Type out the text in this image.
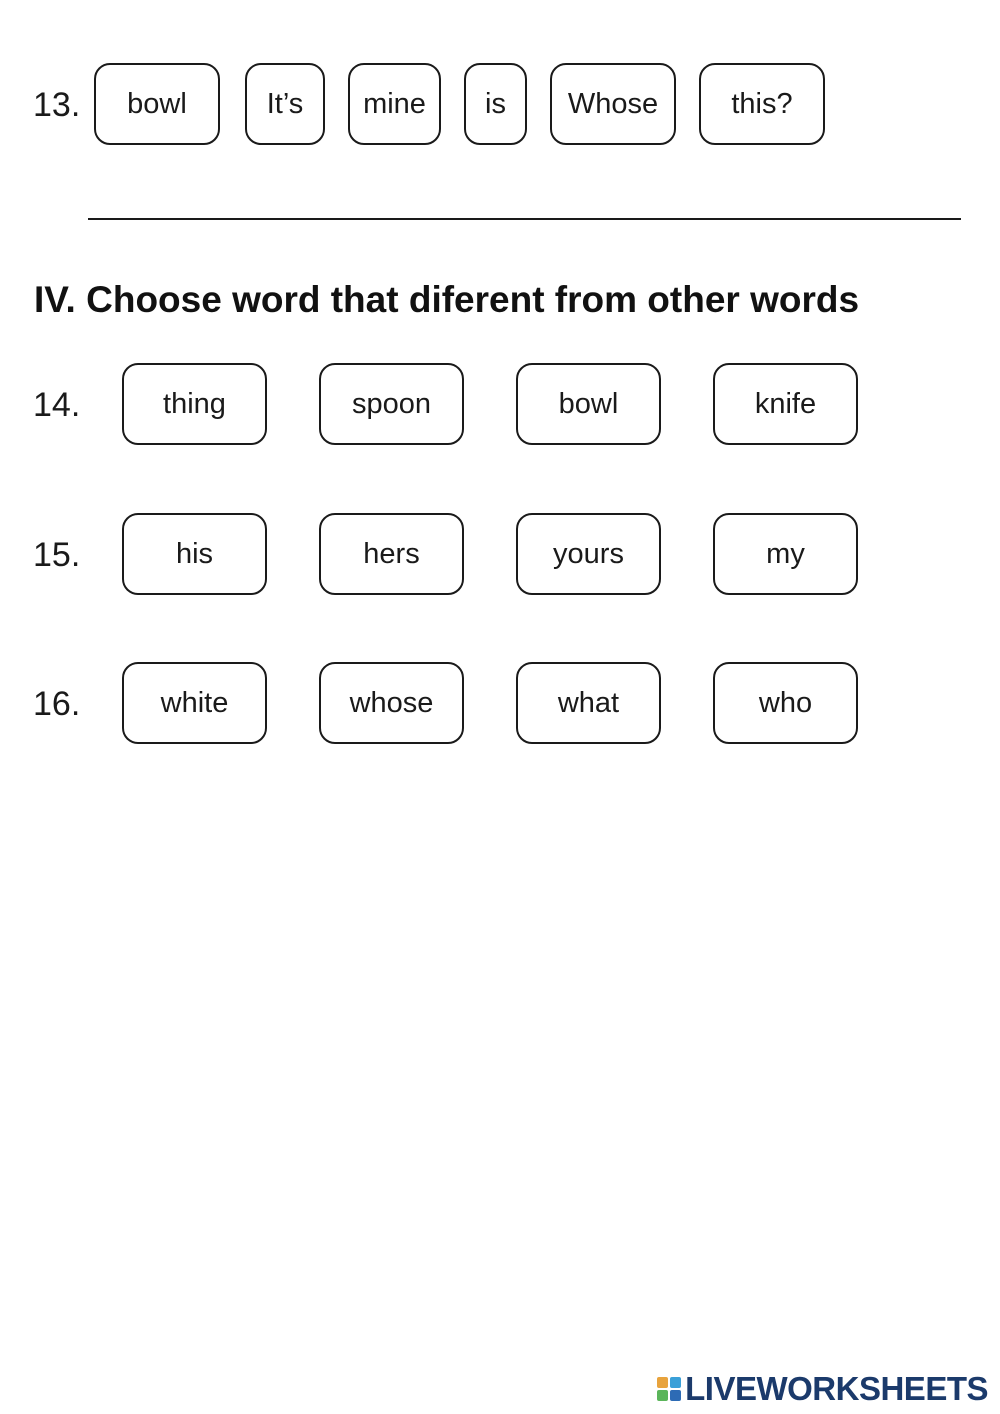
13.	bowl	It’s	mine	is	Whose	this?
IV. Choose word that diferent from other words
14.	thing	spoon	bowl	knife
15.	his	hers	yours	my
16.	white	whose	what	who
LIVEWORKSHEETS
